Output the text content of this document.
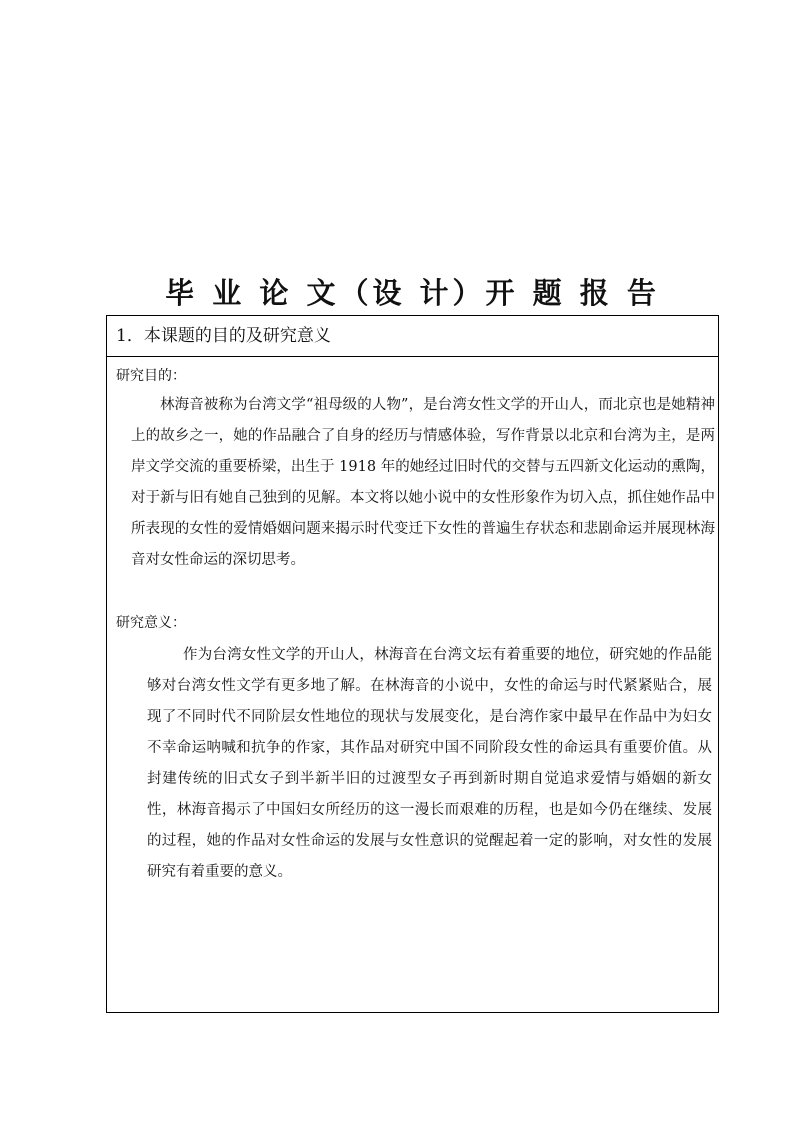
毕 业 论 文（设 计）开 题 报 告
1．本课题的目的及研究意义
研究目的：
林海音被称为台湾文学“祖母级的人物”，是台湾女性文学的开山人，而北京也是她精神上的故乡之一，她的作品融合了自身的经历与情感体验，写作背景以北京和台湾为主，是两岸文学交流的重要桥梁，出生于 1918 年的她经过旧时代的交替与五四新文化运动的熏陶，对于新与旧有她自己独到的见解。本文将以她小说中的女性形象作为切入点，抓住她作品中所表现的女性的爱情婚姻问题来揭示时代变迁下女性的普遍生存状态和悲剧命运并展现林海音对女性命运的深切思考。
研究意义：
作为台湾女性文学的开山人，林海音在台湾文坛有着重要的地位，研究她的作品能够对台湾女性文学有更多地了解。在林海音的小说中，女性的命运与时代紧紧贴合，展现了不同时代不同阶层女性地位的现状与发展变化，是台湾作家中最早在作品中为妇女不幸命运呐喊和抗争的作家，其作品对研究中国不同阶段女性的命运具有重要价值。从封建传统的旧式女子到半新半旧的过渡型女子再到新时期自觉追求爱情与婚姻的新女性，林海音揭示了中国妇女所经历的这一漫长而艰难的历程，也是如今仍在继续、发展的过程，她的作品对女性命运的发展与女性意识的觉醒起着一定的影响，对女性的发展研究有着重要的意义。
